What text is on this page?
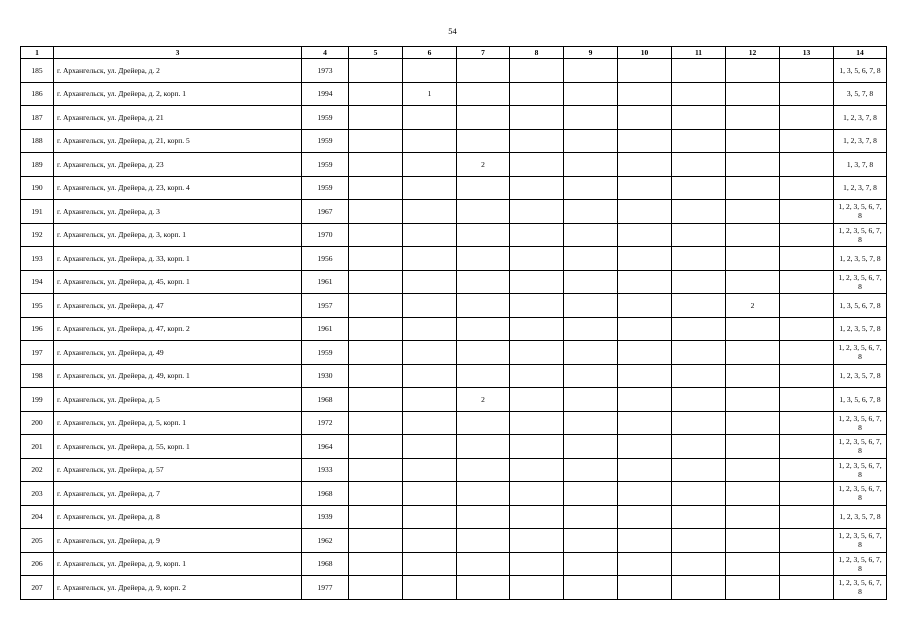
54
1	3	4	5	6	7	8	9	10	11	12	13	14
185	г. Архангельск, ул. Дрейера, д. 2	1973										1, 3, 5, 6, 7, 8
186	г. Архангельск, ул. Дрейера, д. 2, корп. 1	1994		1								3, 5, 7, 8
187	г. Архангельск, ул. Дрейера, д. 21	1959										1, 2, 3, 7, 8
188	г. Архангельск, ул. Дрейера, д. 21, корп. 5	1959										1, 2, 3, 7, 8
189	г. Архангельск, ул. Дрейера, д. 23	1959			2							1, 3, 7, 8
190	г. Архангельск, ул. Дрейера, д. 23, корп. 4	1959										1, 2, 3, 7, 8
191	г. Архангельск, ул. Дрейера, д. 3	1967										1, 2, 3, 5, 6, 7, 8
192	г. Архангельск, ул. Дрейера, д. 3, корп. 1	1970										1, 2, 3, 5, 6, 7, 8
193	г. Архангельск, ул. Дрейера, д. 33, корп. 1	1956										1, 2, 3, 5, 7, 8
194	г. Архангельск, ул. Дрейера, д. 45, корп. 1	1961										1, 2, 3, 5, 6, 7, 8
195	г. Архангельск, ул. Дрейера, д. 47	1957								2		1, 3, 5, 6, 7, 8
196	г. Архангельск, ул. Дрейера, д. 47, корп. 2	1961										1, 2, 3, 5, 7, 8
197	г. Архангельск, ул. Дрейера, д. 49	1959										1, 2, 3, 5, 6, 7, 8
198	г. Архангельск, ул. Дрейера, д. 49, корп. 1	1930										1, 2, 3, 5, 7, 8
199	г. Архангельск, ул. Дрейера, д. 5	1968			2							1, 3, 5, 6, 7, 8
200	г. Архангельск, ул. Дрейера, д. 5, корп. 1	1972										1, 2, 3, 5, 6, 7, 8
201	г. Архангельск, ул. Дрейера, д. 55, корп. 1	1964										1, 2, 3, 5, 6, 7, 8
202	г. Архангельск, ул. Дрейера, д. 57	1933										1, 2, 3, 5, 6, 7, 8
203	г. Архангельск, ул. Дрейера, д. 7	1968										1, 2, 3, 5, 6, 7, 8
204	г. Архангельск, ул. Дрейера, д. 8	1939										1, 2, 3, 5, 7, 8
205	г. Архангельск, ул. Дрейера, д. 9	1962										1, 2, 3, 5, 6, 7, 8
206	г. Архангельск, ул. Дрейера, д. 9, корп. 1	1968										1, 2, 3, 5, 6, 7, 8
207	г. Архангельск, ул. Дрейера, д. 9, корп. 2	1977										1, 2, 3, 5, 6, 7, 8
